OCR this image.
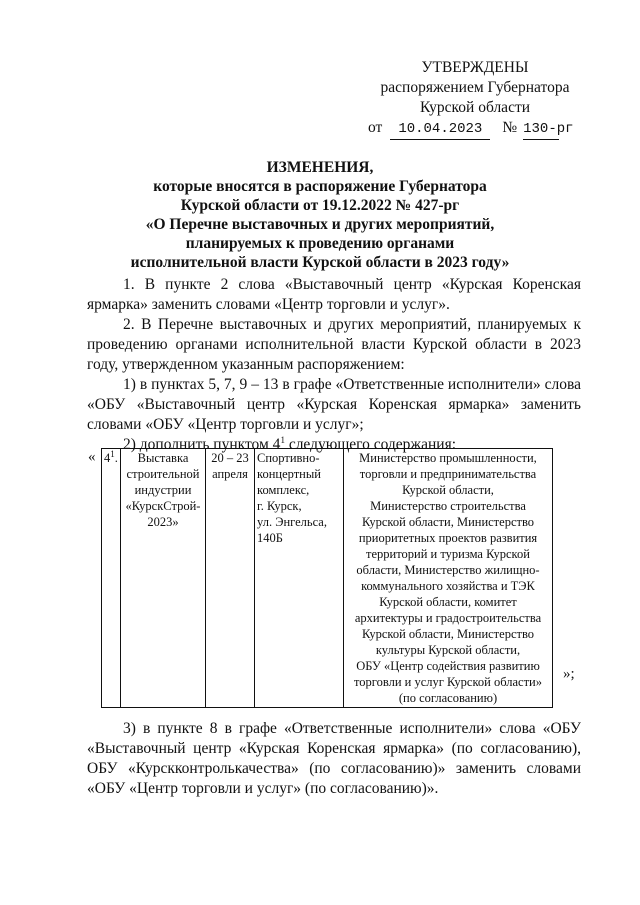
УТВЕРЖДЕНЫ
распоряжением Губернатора
Курской области
от	10.04.2023	№ 130-рг
ИЗМЕНЕНИЯ,
которые вносятся в распоряжение Губернатора
Курской области от 19.12.2022 № 427-рг
«О Перечне выставочных и других мероприятий,
планируемых к проведению органами
исполнительной власти Курской области в 2023 году»
1. В пункте 2 слова «Выставочный центр «Курская Коренская
ярмарка» заменить словами «Центр торговли и услуг».
2. В Перечне выставочных и других мероприятий, планируемых к
проведению органами исполнительной власти Курской области в 2023
году, утвержденном указанным распоряжением:
1) в пунктах 5, 7, 9 – 13 в графе «Ответственные исполнители» слова
«ОБУ «Выставочный центр «Курская Коренская ярмарка» заменить
словами «ОБУ «Центр торговли и услуг»;
2) дополнить пунктом $4^1$ следующего содержания:
« $4^1$.	Выставка
строительной
индустрии
«КурскСтрой-
2023»	20 – 23
апреля	Спортивно-
концертный
комплекс,
г. Курск,
ул. Энгельса,
140Б	Министерство промышленности,
торговли и предпринимательства
Курской области,
Министерство строительства
Курской области, Министерство
приоритетных проектов развития
территорий и туризма Курской
области, Министерство жилищно-
коммунального хозяйства и ТЭК
Курской области, комитет
архитектуры и градостроительства
Курской области, Министерство
культуры Курской области,
ОБУ «Центр содействия развитию
торговли и услуг Курской области»
(по согласованию)
»;
3) в пункте 8 в графе «Ответственные исполнители» слова «ОБУ
«Выставочный центр «Курская Коренская ярмарка» (по согласованию),
ОБУ «Курскконтролькачества» (по согласованию)» заменить словами
«ОБУ «Центр торговли и услуг» (по согласованию)».
